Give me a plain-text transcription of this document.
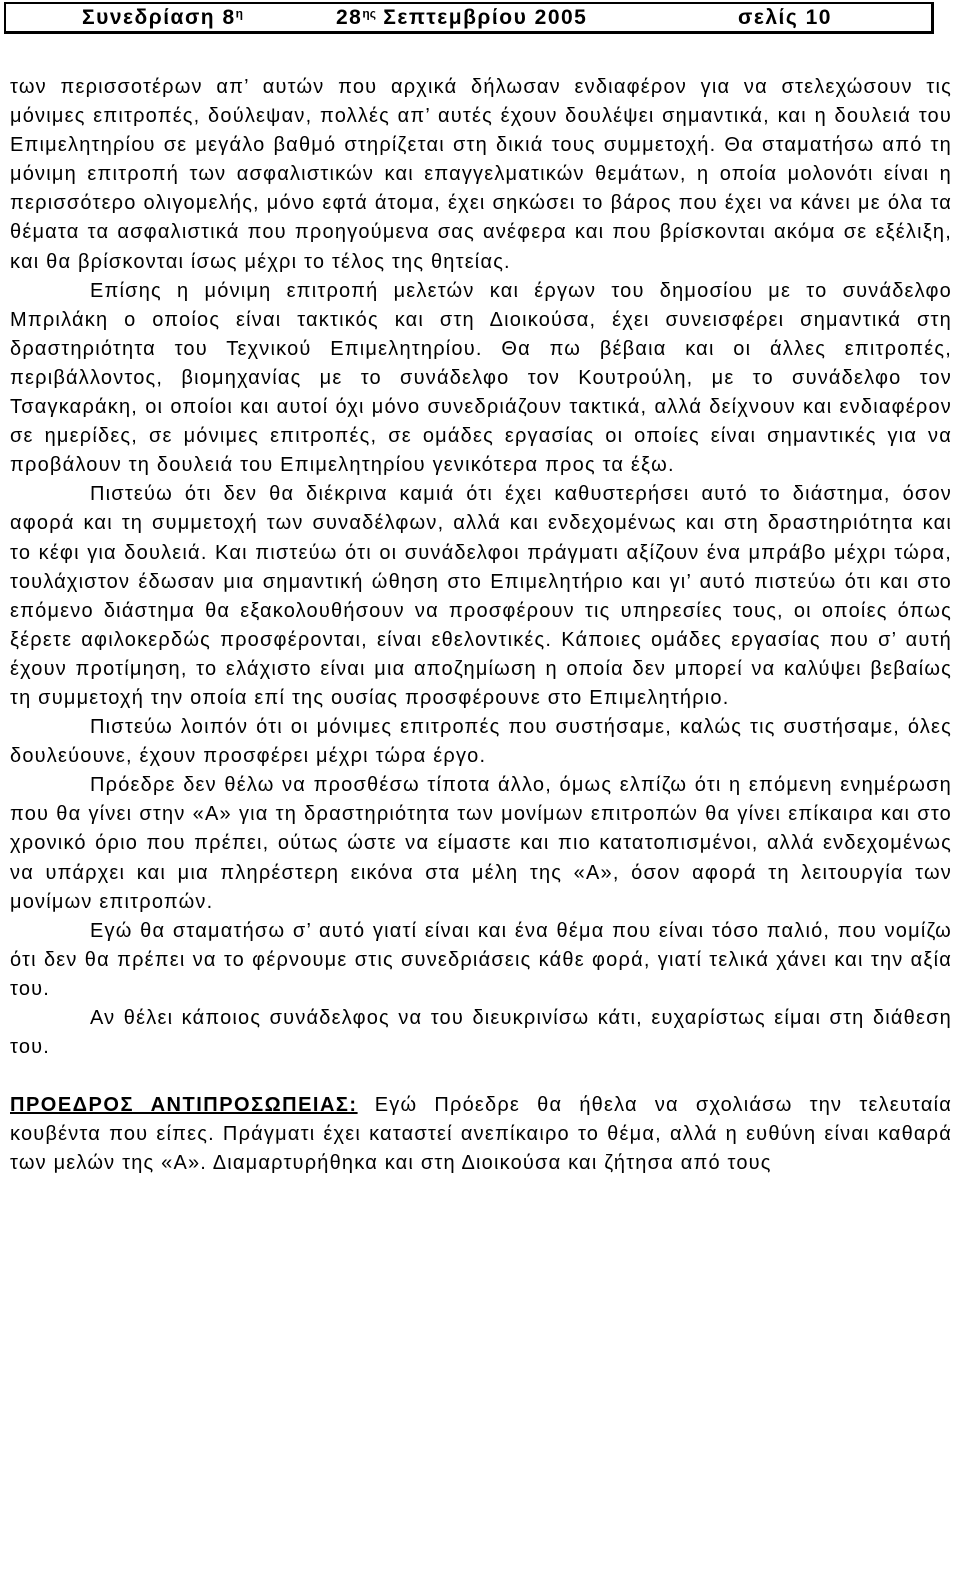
Συνεδρίαση $8^\eta$	$28^{\eta\varsigma}$ Σεπτεμβρίου 2005	σελίς 10

των περισσοτέρων απ’ αυτών που αρχικά δήλωσαν ενδιαφέρον για να στελεχώσουν τις μόνιμες επιτροπές, δούλεψαν, πολλές απ’ αυτές έχουν δουλέψει σημαντικά, και η δουλειά του Επιμελητηρίου σε μεγάλο βαθμό στηρίζεται στη δικιά τους συμμετοχή. Θα σταματήσω από τη μόνιμη επιτροπή των ασφαλιστικών και επαγγελματικών θεμάτων, η οποία μολονότι είναι η περισσότερο ολιγομελής, μόνο εφτά άτομα, έχει σηκώσει το βάρος που έχει να κάνει με όλα τα θέματα τα ασφαλιστικά που προηγούμενα σας ανέφερα και που βρίσκονται ακόμα σε εξέλιξη, και θα βρίσκονται ίσως μέχρι το τέλος της θητείας.

Επίσης η μόνιμη επιτροπή μελετών και έργων του δημοσίου με το συνάδελφο Μπριλάκη ο οποίος είναι τακτικός και στη Διοικούσα, έχει συνεισφέρει σημαντικά στη δραστηριότητα του Τεχνικού Επιμελητηρίου. Θα πω βέβαια και οι άλλες επιτροπές, περιβάλλοντος, βιομηχανίας με το συνάδελφο τον Κουτρούλη, με το συνάδελφο τον Τσαγκαράκη, οι οποίοι και αυτοί όχι μόνο συνεδριάζουν τακτικά, αλλά δείχνουν και ενδιαφέρον σε ημερίδες, σε μόνιμες επιτροπές, σε ομάδες εργασίας οι οποίες είναι σημαντικές για να προβάλουν τη δουλειά του Επιμελητηρίου γενικότερα προς τα έξω.

Πιστεύω ότι δεν θα διέκρινα καμιά ότι έχει καθυστερήσει αυτό το διάστημα, όσον αφορά και τη συμμετοχή των συναδέλφων, αλλά και ενδεχομένως και στη δραστηριότητα και το κέφι για δουλειά. Και πιστεύω ότι οι συνάδελφοι πράγματι αξίζουν ένα μπράβο μέχρι τώρα, τουλάχιστον έδωσαν μια σημαντική ώθηση στο Επιμελητήριο και γι’ αυτό πιστεύω ότι και στο επόμενο διάστημα θα εξακολουθήσουν να προσφέρουν τις υπηρεσίες τους, οι οποίες όπως ξέρετε αφιλοκερδώς προσφέρονται, είναι εθελοντικές. Κάποιες ομάδες εργασίας που σ’ αυτή έχουν προτίμηση, το ελάχιστο είναι μια αποζημίωση η οποία δεν μπορεί να καλύψει βεβαίως τη συμμετοχή την οποία επί της ουσίας προσφέρουνε στο Επιμελητήριο.

Πιστεύω λοιπόν ότι οι μόνιμες επιτροπές που συστήσαμε, καλώς τις συστήσαμε, όλες δουλεύουνε, έχουν προσφέρει μέχρι τώρα έργο.

Πρόεδρε δεν θέλω να προσθέσω τίποτα άλλο, όμως ελπίζω ότι η επόμενη ενημέρωση που θα γίνει στην «Α» για τη δραστηριότητα των μονίμων επιτροπών θα γίνει επίκαιρα και στο χρονικό όριο που πρέπει, ούτως ώστε να είμαστε και πιο κατατοπισμένοι, αλλά ενδεχομένως να υπάρχει και μια πληρέστερη εικόνα στα μέλη της «Α», όσον αφορά τη λειτουργία των μονίμων επιτροπών.

Εγώ θα σταματήσω σ’ αυτό γιατί είναι και ένα θέμα που είναι τόσο παλιό, που νομίζω ότι δεν θα πρέπει να το φέρνουμε στις συνεδριάσεις κάθε φορά, γιατί τελικά χάνει και την αξία του.

Αν θέλει κάποιος συνάδελφος να του διευκρινίσω κάτι, ευχαρίστως είμαι στη διάθεση του.

ΠΡΟΕΔΡΟΣ ΑΝΤΙΠΡΟΣΩΠΕΙΑΣ: Εγώ Πρόεδρε θα ήθελα να σχολιάσω την τελευταία κουβέντα που είπες. Πράγματι έχει καταστεί ανεπίκαιρο το θέμα, αλλά η ευθύνη είναι καθαρά των μελών της «Α». Διαμαρτυρήθηκα και στη Διοικούσα και ζήτησα από τους
